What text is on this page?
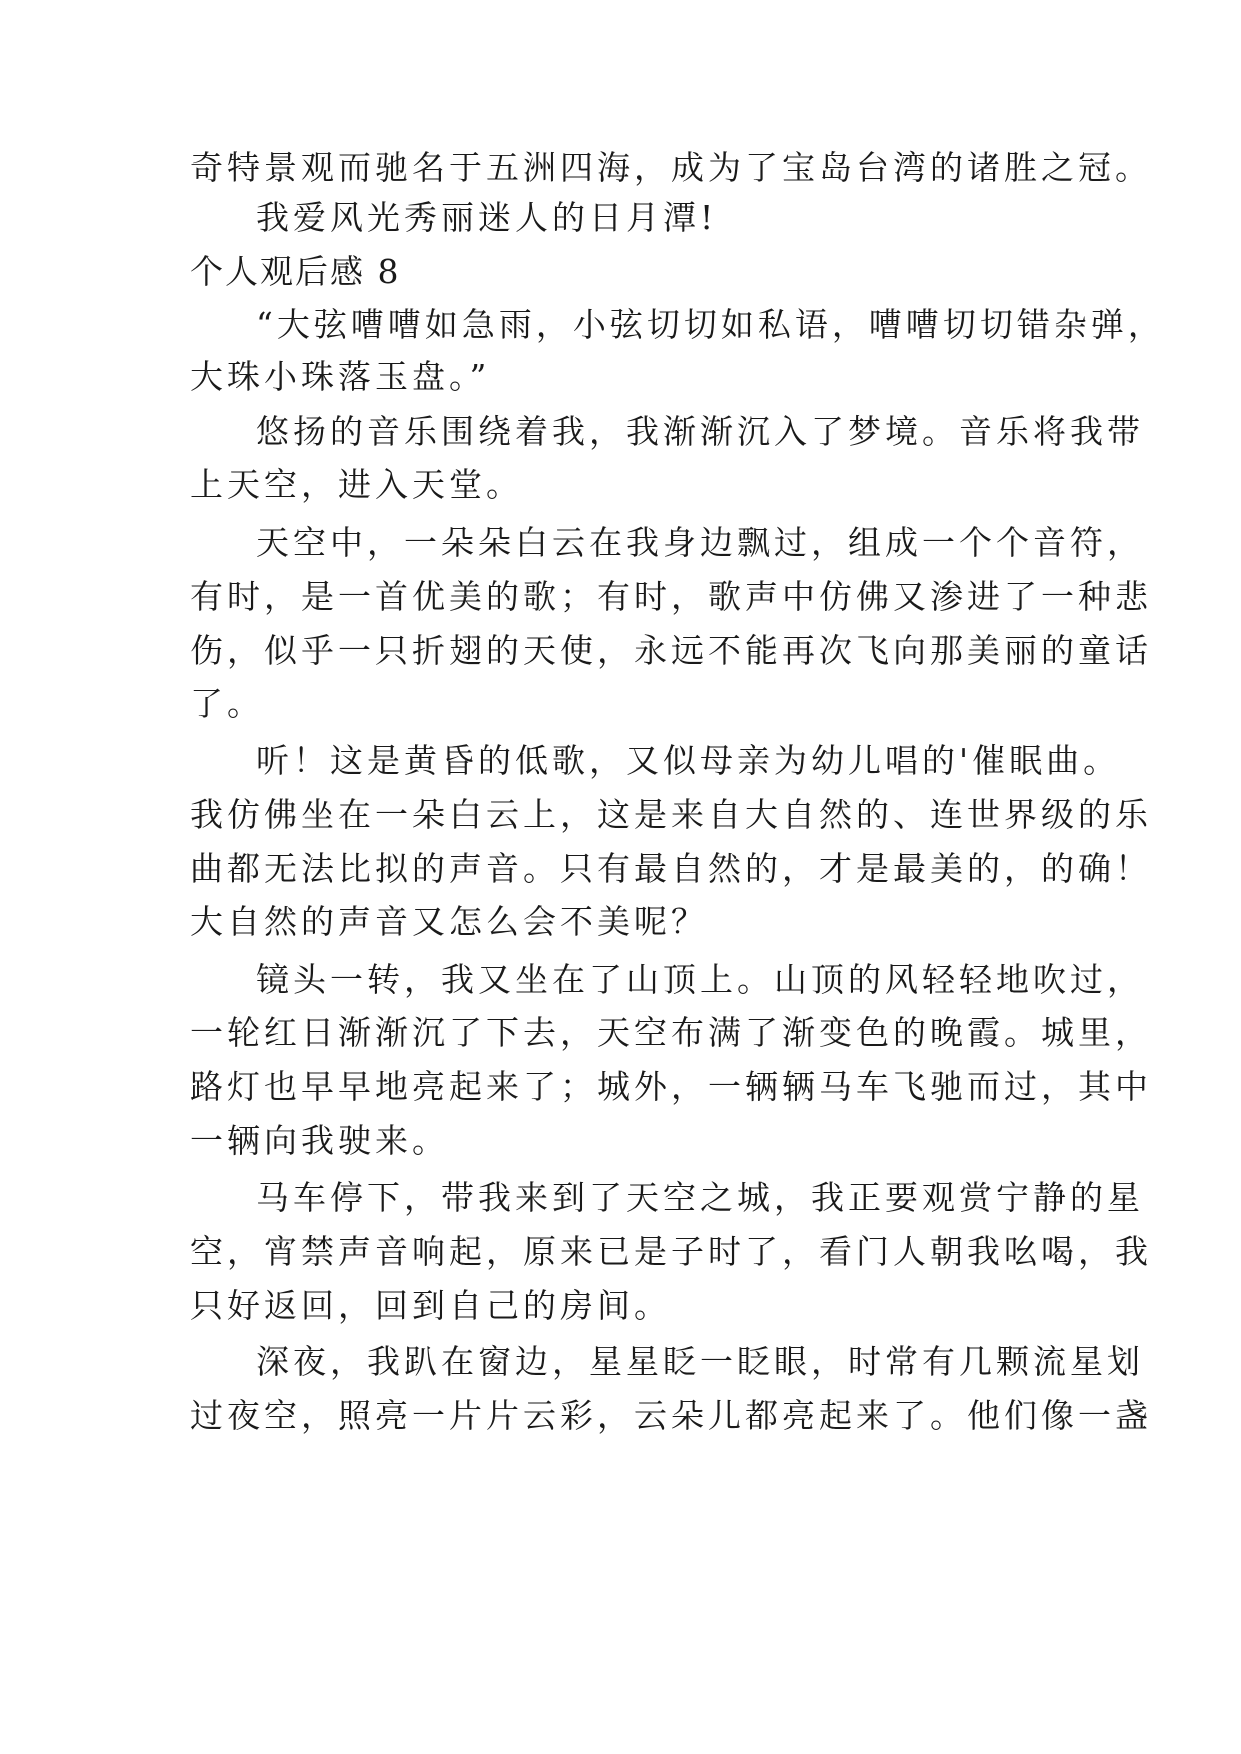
奇特景观而驰名于五洲四海，成为了宝岛台湾的诸胜之冠。

我爱风光秀丽迷人的日月潭!

个人观后感 8

“大弦嘈嘈如急雨，小弦切切如私语，嘈嘈切切错杂弹，

大珠小珠落玉盘。”

悠扬的音乐围绕着我，我渐渐沉入了梦境。音乐将我带

上天空，进入天堂。

天空中，一朵朵白云在我身边飘过，组成一个个音符，

有时，是一首优美的歌；有时，歌声中仿佛又渗进了一种悲

伤，似乎一只折翅的天使，永远不能再次飞向那美丽的童话

了。

听！这是黄昏的低歌，又似母亲为幼儿唱的'催眠曲。

我仿佛坐在一朵白云上，这是来自大自然的、连世界级的乐

曲都无法比拟的声音。只有最自然的，才是最美的，的确！

大自然的声音又怎么会不美呢？

镜头一转，我又坐在了山顶上。山顶的风轻轻地吹过，

一轮红日渐渐沉了下去，天空布满了渐变色的晚霞。城里，

路灯也早早地亮起来了；城外，一辆辆马车飞驰而过，其中

一辆向我驶来。

马车停下，带我来到了天空之城，我正要观赏宁静的星

空，宵禁声音响起，原来已是子时了，看门人朝我吆喝，我

只好返回，回到自己的房间。

深夜，我趴在窗边，星星眨一眨眼，时常有几颗流星划

过夜空，照亮一片片云彩，云朵儿都亮起来了。他们像一盏
